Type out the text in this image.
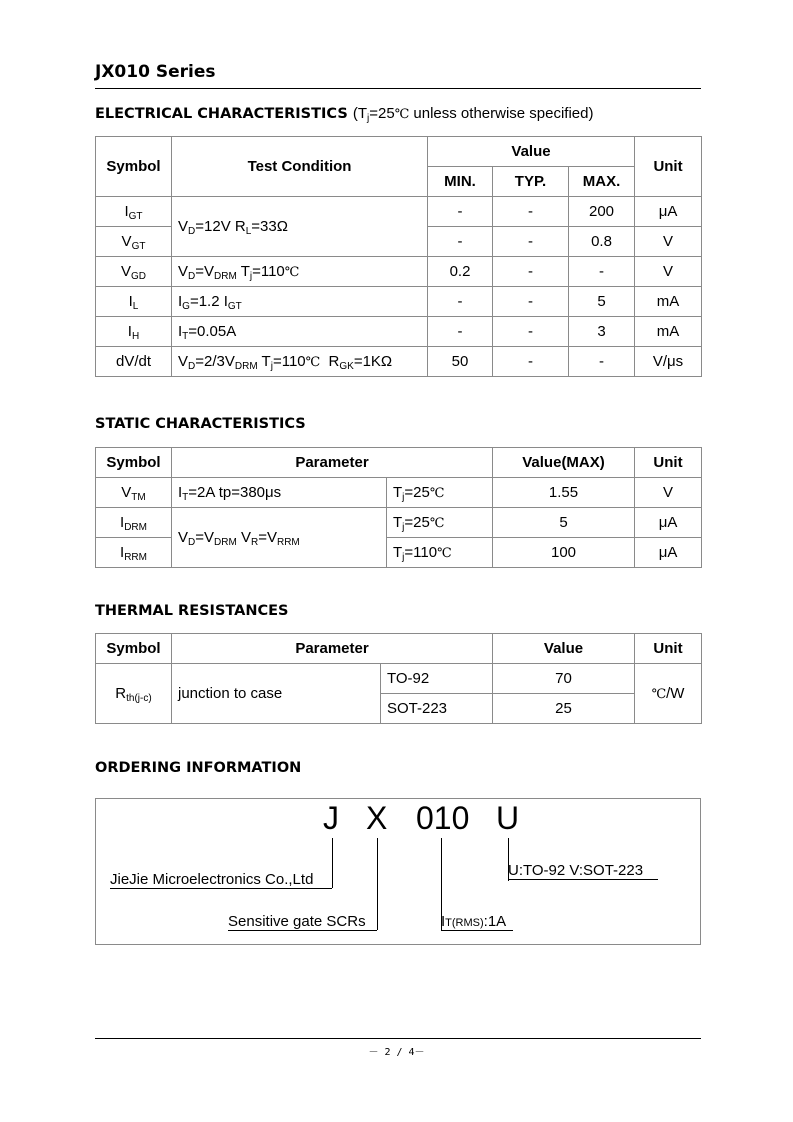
JX010 Series
ELECTRICAL CHARACTERISTICS ($T_j=25℃$ unless otherwise specified)
Symbol	Test Condition	Value			Unit
		MIN.	TYP.	MAX.	
$I_{GT}$	$V_D=12V$ $R_L=33\Omega$	-	-	200	μA
$V_{GT}$		-	-	0.8	V
$V_{GD}$	$V_D=V_{DRM}$ $T_j=110℃$	0.2	-	-	V
$I_L$	$I_G=1.2$ $I_{GT}$	-	-	5	mA
$I_H$	$I_T=0.05A$	-	-	3	mA
dV/dt	$V_D=2/3V_{DRM}$ $T_j=110℃$  $R_{GK}=1K\Omega$	50	-	-	V/μs
STATIC CHARACTERISTICS
Symbol	Parameter		Value(MAX)	Unit
$V_{TM}$	$I_T=2A$ tp=380μs	$T_j=25℃$	1.55	V
$I_{DRM}$	$V_D=V_{DRM}$ $V_R=V_{RRM}$	$T_j=25℃$	5	μA
$I_{RRM}$		$T_j=110℃$	100	μA
THERMAL RESISTANCES
Symbol	Parameter		Value	Unit
$R_{th(j-c)}$	junction to case	TO-92	70	℃/W
		SOT-223	25	
ORDERING INFORMATION
J X 010 U
JieJie Microelectronics Co.,Ltd
Sensitive gate SCRs	IT(RMS):1A
U:TO-92 V:SOT-223
－ 2 / 4－
